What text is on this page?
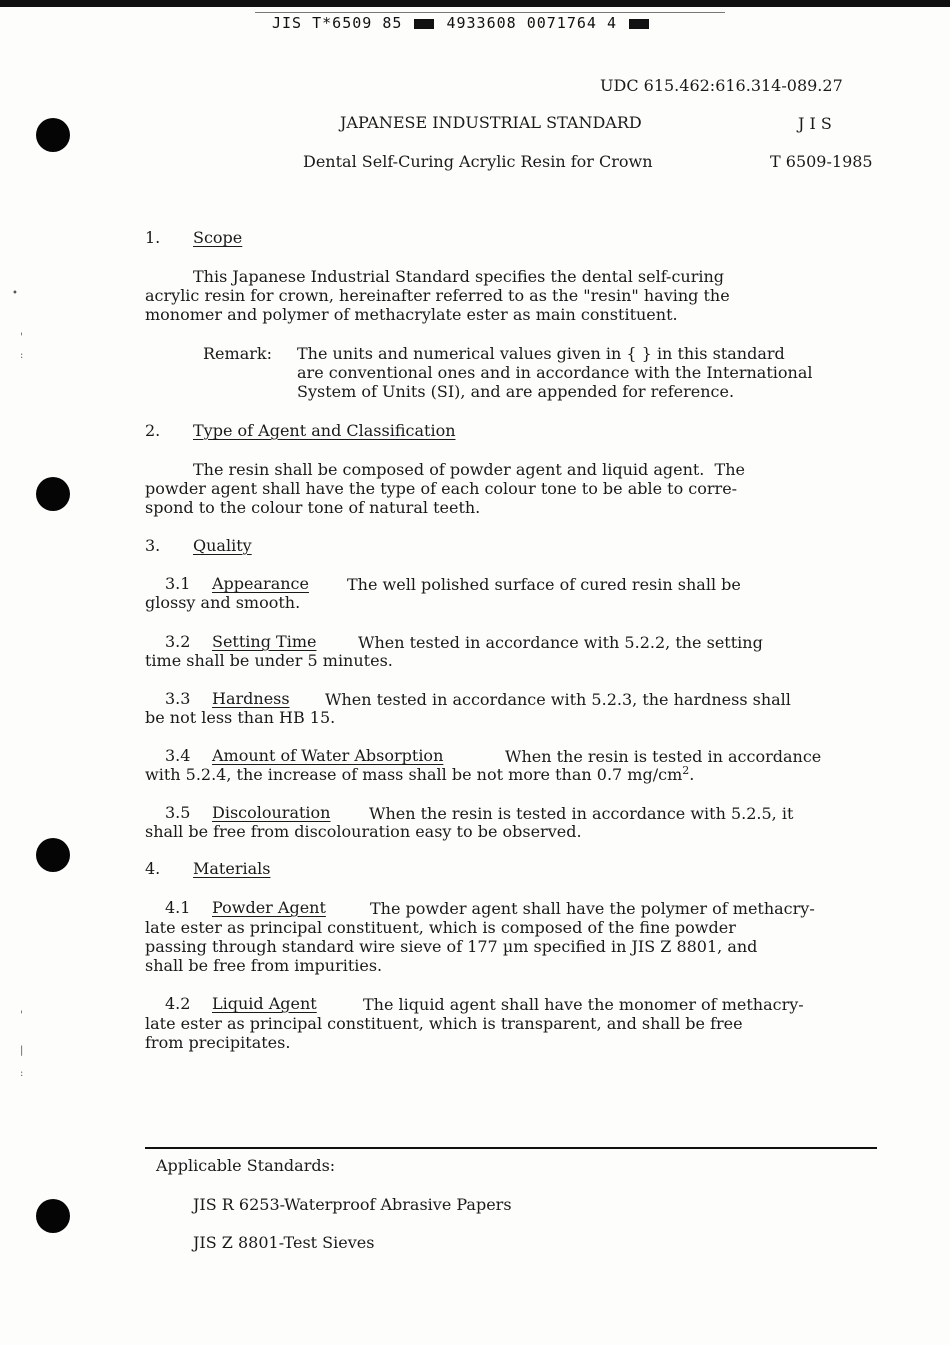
JIS T*6509 85	4933608 0071764 4
•
'
:
'
|
:
UDC 615.462:616.314-089.27
JAPANESE INDUSTRIAL STANDARD	J I S
Dental Self-Curing Acrylic Resin for Crown	T 6509-1985
1. Scope
This Japanese Industrial Standard specifies the dental self-curing
acrylic resin for crown, hereinafter referred to as the "resin" having the
monomer and polymer of methacrylate ester as main constituent.
Remark: The units and numerical values given in { } in this standard
are conventional ones and in accordance with the International
System of Units (SI), and are appended for reference.
2. Type of Agent and Classification
The resin shall be composed of powder agent and liquid agent.  The
powder agent shall have the type of each colour tone to be able to corre-
spond to the colour tone of natural teeth.
3. Quality
3.1 Appearance The well polished surface of cured resin shall be
glossy and smooth.
3.2 Setting Time	When tested in accordance with 5.2.2, the setting
time shall be under 5 minutes.
3.3 Hardness When tested in accordance with 5.2.3, the hardness shall
be not less than HB 15.
3.4 Amount of Water Absorption	When the resin is tested in accordance
with 5.2.4, the increase of mass shall be not more than 0.7 $mg/cm^2$.
3.5 Discolouration When the resin is tested in accordance with 5.2.5, it
shall be free from discolouration easy to be observed.
4. Materials
4.1 Powder Agent	The powder agent shall have the polymer of methacry-
late ester as principal constituent, which is composed of the fine powder
passing through standard wire sieve of 177 µm specified in JIS Z 8801, and
shall be free from impurities.
4.2 Liquid Agent	The liquid agent shall have the monomer of methacry-
late ester as principal constituent, which is transparent, and shall be free
from precipitates.
Applicable Standards:
JIS R 6253-Waterproof Abrasive Papers
JIS Z 8801-Test Sieves
